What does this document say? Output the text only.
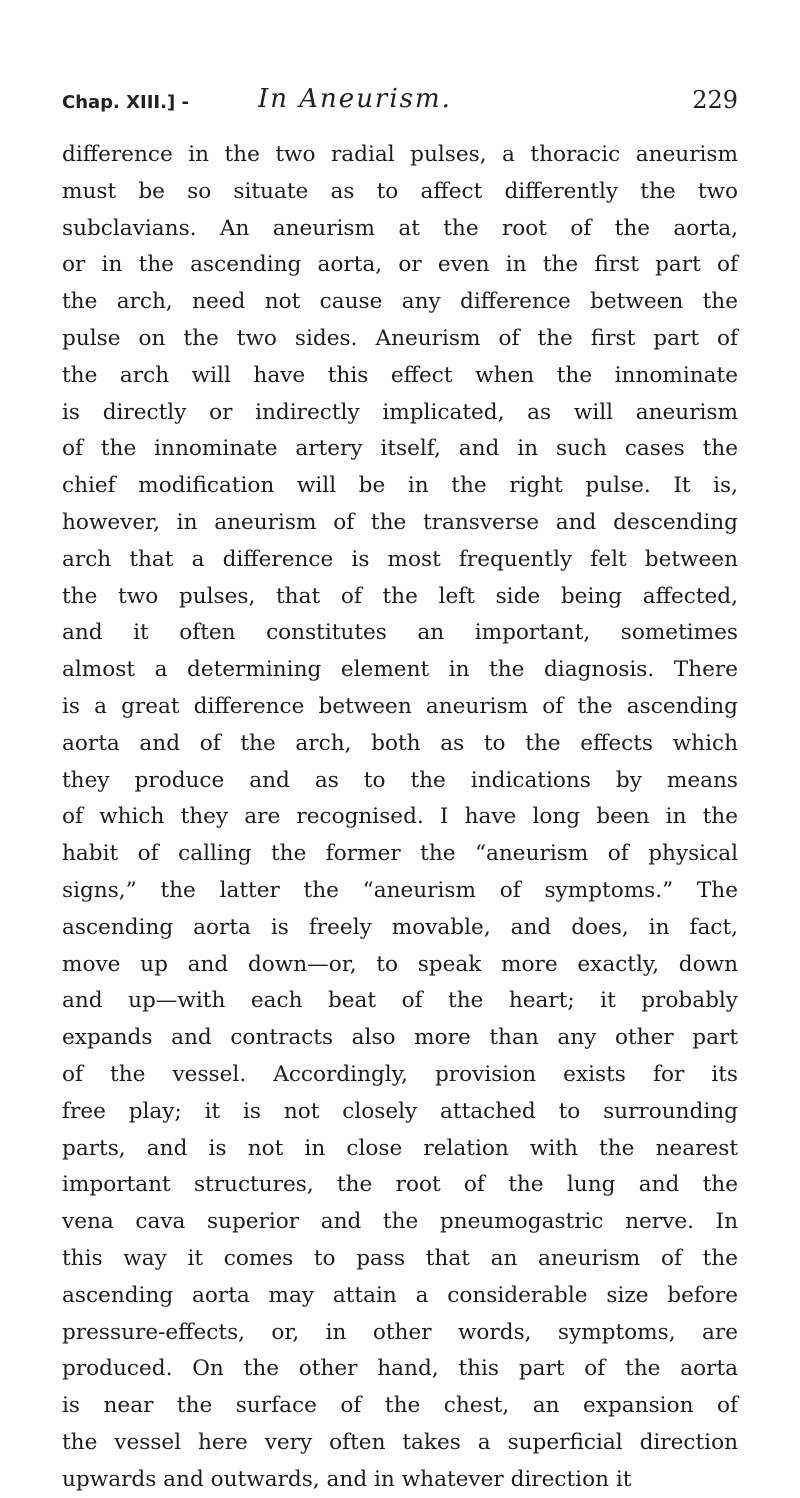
Chap. XIII.] ‑	In Aneurism.	229
difference in the two radial pulses, a thoracic aneurism
must be so situate as to affect differently the two
subclavians. An aneurism at the root of the aorta,
or in the ascending aorta, or even in the first part of
the arch, need not cause any difference between the
pulse on the two sides. Aneurism of the first part of
the arch will have this effect when the innominate
is directly or indirectly implicated, as will aneurism
of the innominate artery itself, and in such cases the
chief modification will be in the right pulse. It is,
however, in aneurism of the transverse and descending
arch that a difference is most frequently felt between
the two pulses, that of the left side being affected,
and it often constitutes an important, sometimes
almost a determining element in the diagnosis. There
is a great difference between aneurism of the ascending
aorta and of the arch, both as to the effects which
they produce and as to the indications by means
of which they are recognised. I have long been in the
habit of calling the former the “aneurism of physical
signs,” the latter the “aneurism of symptoms.” The
ascending aorta is freely movable, and does, in fact,
move up and down—or, to speak more exactly, down
and up—with each beat of the heart; it probably
expands and contracts also more than any other part
of the vessel. Accordingly, provision exists for its
free play; it is not closely attached to surrounding
parts, and is not in close relation with the nearest
important structures, the root of the lung and the
vena cava superior and the pneumogastric nerve. In
this way it comes to pass that an aneurism of the
ascending aorta may attain a considerable size before
pressure-effects, or, in other words, symptoms, are
produced. On the other hand, this part of the aorta
is near the surface of the chest, an expansion of
the vessel here very often takes a superficial direction
upwards and outwards, and in whatever direction it
